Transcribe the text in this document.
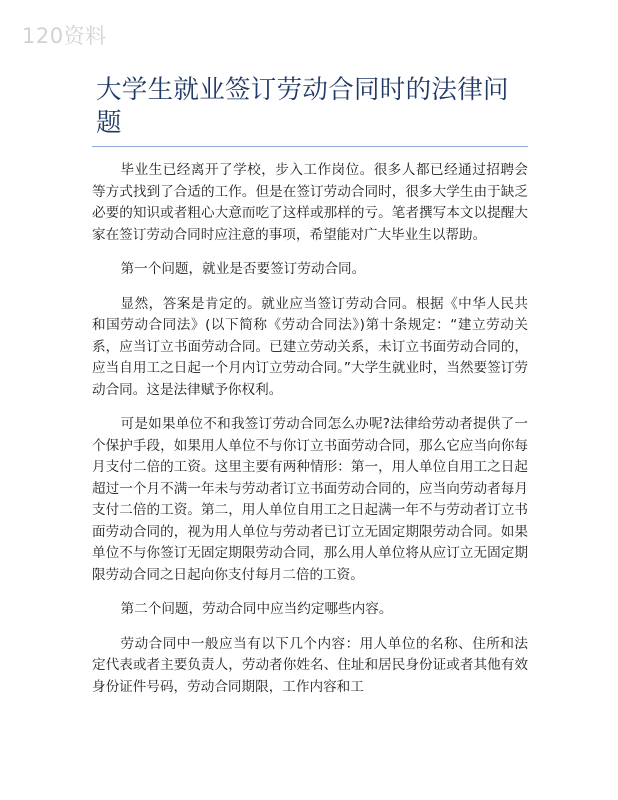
120资料
大学生就业签订劳动合同时的法律问题

毕业生已经离开了学校，步入工作岗位。很多人都已经通过招聘会等方式找到了合适的工作。但是在签订劳动合同时，很多大学生由于缺乏必要的知识或者粗心大意而吃了这样或那样的亏。笔者撰写本文以提醒大家在签订劳动合同时应注意的事项，希望能对广大毕业生以帮助。

第一个问题，就业是否要签订劳动合同。

显然，答案是肯定的。就业应当签订劳动合同。根据《中华人民共和国劳动合同法》(以下简称《劳动合同法》)第十条规定：“建立劳动关系，应当订立书面劳动合同。已建立劳动关系，未订立书面劳动合同的，应当自用工之日起一个月内订立劳动合同。”大学生就业时，当然要签订劳动合同。这是法律赋予你权利。

可是如果单位不和我签订劳动合同怎么办呢?法律给劳动者提供了一个保护手段，如果用人单位不与你订立书面劳动合同，那么它应当向你每月支付二倍的工资。这里主要有两种情形：第一，用人单位自用工之日起超过一个月不满一年未与劳动者订立书面劳动合同的，应当向劳动者每月支付二倍的工资。第二，用人单位自用工之日起满一年不与劳动者订立书面劳动合同的，视为用人单位与劳动者已订立无固定期限劳动合同。如果单位不与你签订无固定期限劳动合同，那么用人单位将从应订立无固定期限劳动合同之日起向你支付每月二倍的工资。

第二个问题，劳动合同中应当约定哪些内容。

劳动合同中一般应当有以下几个内容：用人单位的名称、住所和法定代表或者主要负责人，劳动者你姓名、住址和居民身份证或者其他有效身份证件号码，劳动合同期限，工作内容和工
